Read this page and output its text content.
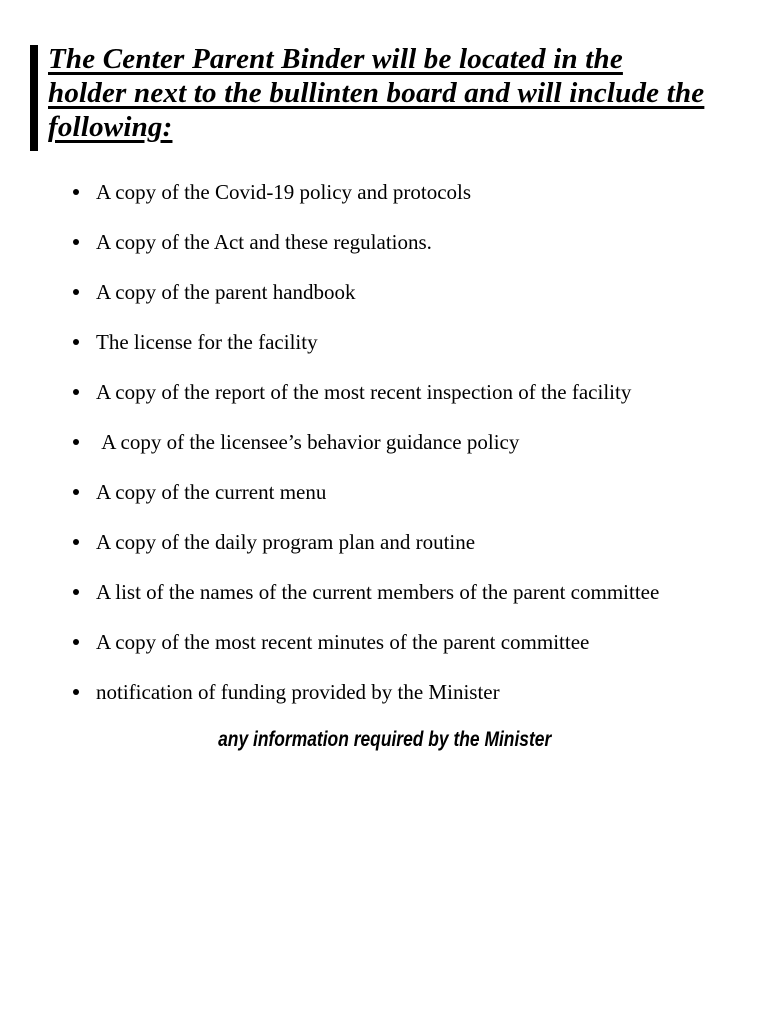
The Center Parent Binder will be located in the
holder next to the bullinten board and will include the
following:
A copy of the Covid-19 policy and protocols
A copy of the Act and these regulations.
A copy of the parent handbook
The license for the facility
A copy of the report of the most recent inspection of the facility
A copy of the licensee’s behavior guidance policy
A copy of the current menu
A copy of the daily program plan and routine
A list of the names of the current members of the parent committee
A copy of the most recent minutes of the parent committee
notification of funding provided by the Minister
any information required by the Minister
